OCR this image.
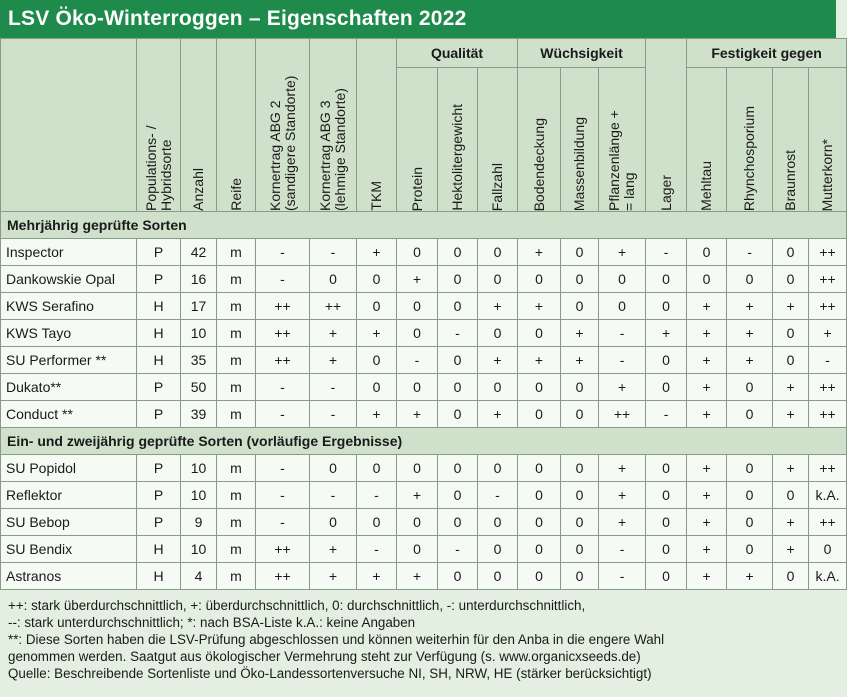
LSV Öko-Winterroggen – Eigenschaften 2022

	Populations- / Hybridsorte	Anzahl	Reife	Kornertrag ABG 2 (sandigere Standorte)	Kornertrag ABG 3 (lehmige Standorte)	TKM	Qualität			Wüchsigkeit			Lager	Festigkeit gegen			

							Protein	Hektolitergewicht	Fallzahl	Bodendeckung	Massenbildung	Pflanzenlänge + = lang		Mehltau	Rhynchosporium	Braunrost	Mutterkorn*

Mehrjährig geprüfte Sorten																	
Inspector	P	42	m	-	-	+	0	0	0	+	0	+	-	0	-	0	++
Dankowskie Opal	P	16	m	-	0	0	+	0	0	0	0	0	0	0	0	0	++
KWS Serafino	H	17	m	++	++	0	0	0	+	+	0	0	0	+	+	+	++
KWS Tayo	H	10	m	++	+	+	0	-	0	0	+	-	+	+	+	0	+
SU Performer **	H	35	m	++	+	0	-	0	+	+	+	-	0	+	+	0	-
Dukato**	P	50	m	-	-	0	0	0	0	0	0	+	0	+	0	+	++
Conduct **	P	39	m	-	-	+	+	0	+	0	0	++	-	+	0	+	++
Ein- und zweijährig geprüfte Sorten (vorläufige Ergebnisse)																	
SU Popidol	P	10	m	-	0	0	0	0	0	0	0	+	0	+	0	+	++
Reflektor	P	10	m	-	-	-	+	0	-	0	0	+	0	+	0	0	k.A.
SU Bebop	P	9	m	-	0	0	0	0	0	0	0	+	0	+	0	+	++
SU Bendix	H	10	m	++	+	-	0	-	0	0	0	-	0	+	0	+	0
Astranos	H	4	m	++	+	+	+	0	0	0	0	-	0	+	+	0	k.A.
++: stark überdurchschnittlich, +: überdurchschnittlich, 0: durchschnittlich, -: unterdurchschnittlich,
--: stark unterdurchschnittlich; *: nach BSA-Liste k.A.: keine Angaben
**: Diese Sorten haben die LSV-Prüfung abgeschlossen und können weiterhin für den Anba in die engere Wahl
genommen werden. Saatgut aus ökologischer Vermehrung steht zur Verfügung (s. www.organicxseeds.de)
Quelle: Beschreibende Sortenliste und Öko-Landessortenversuche NI, SH, NRW, HE (stärker berücksichtigt)
